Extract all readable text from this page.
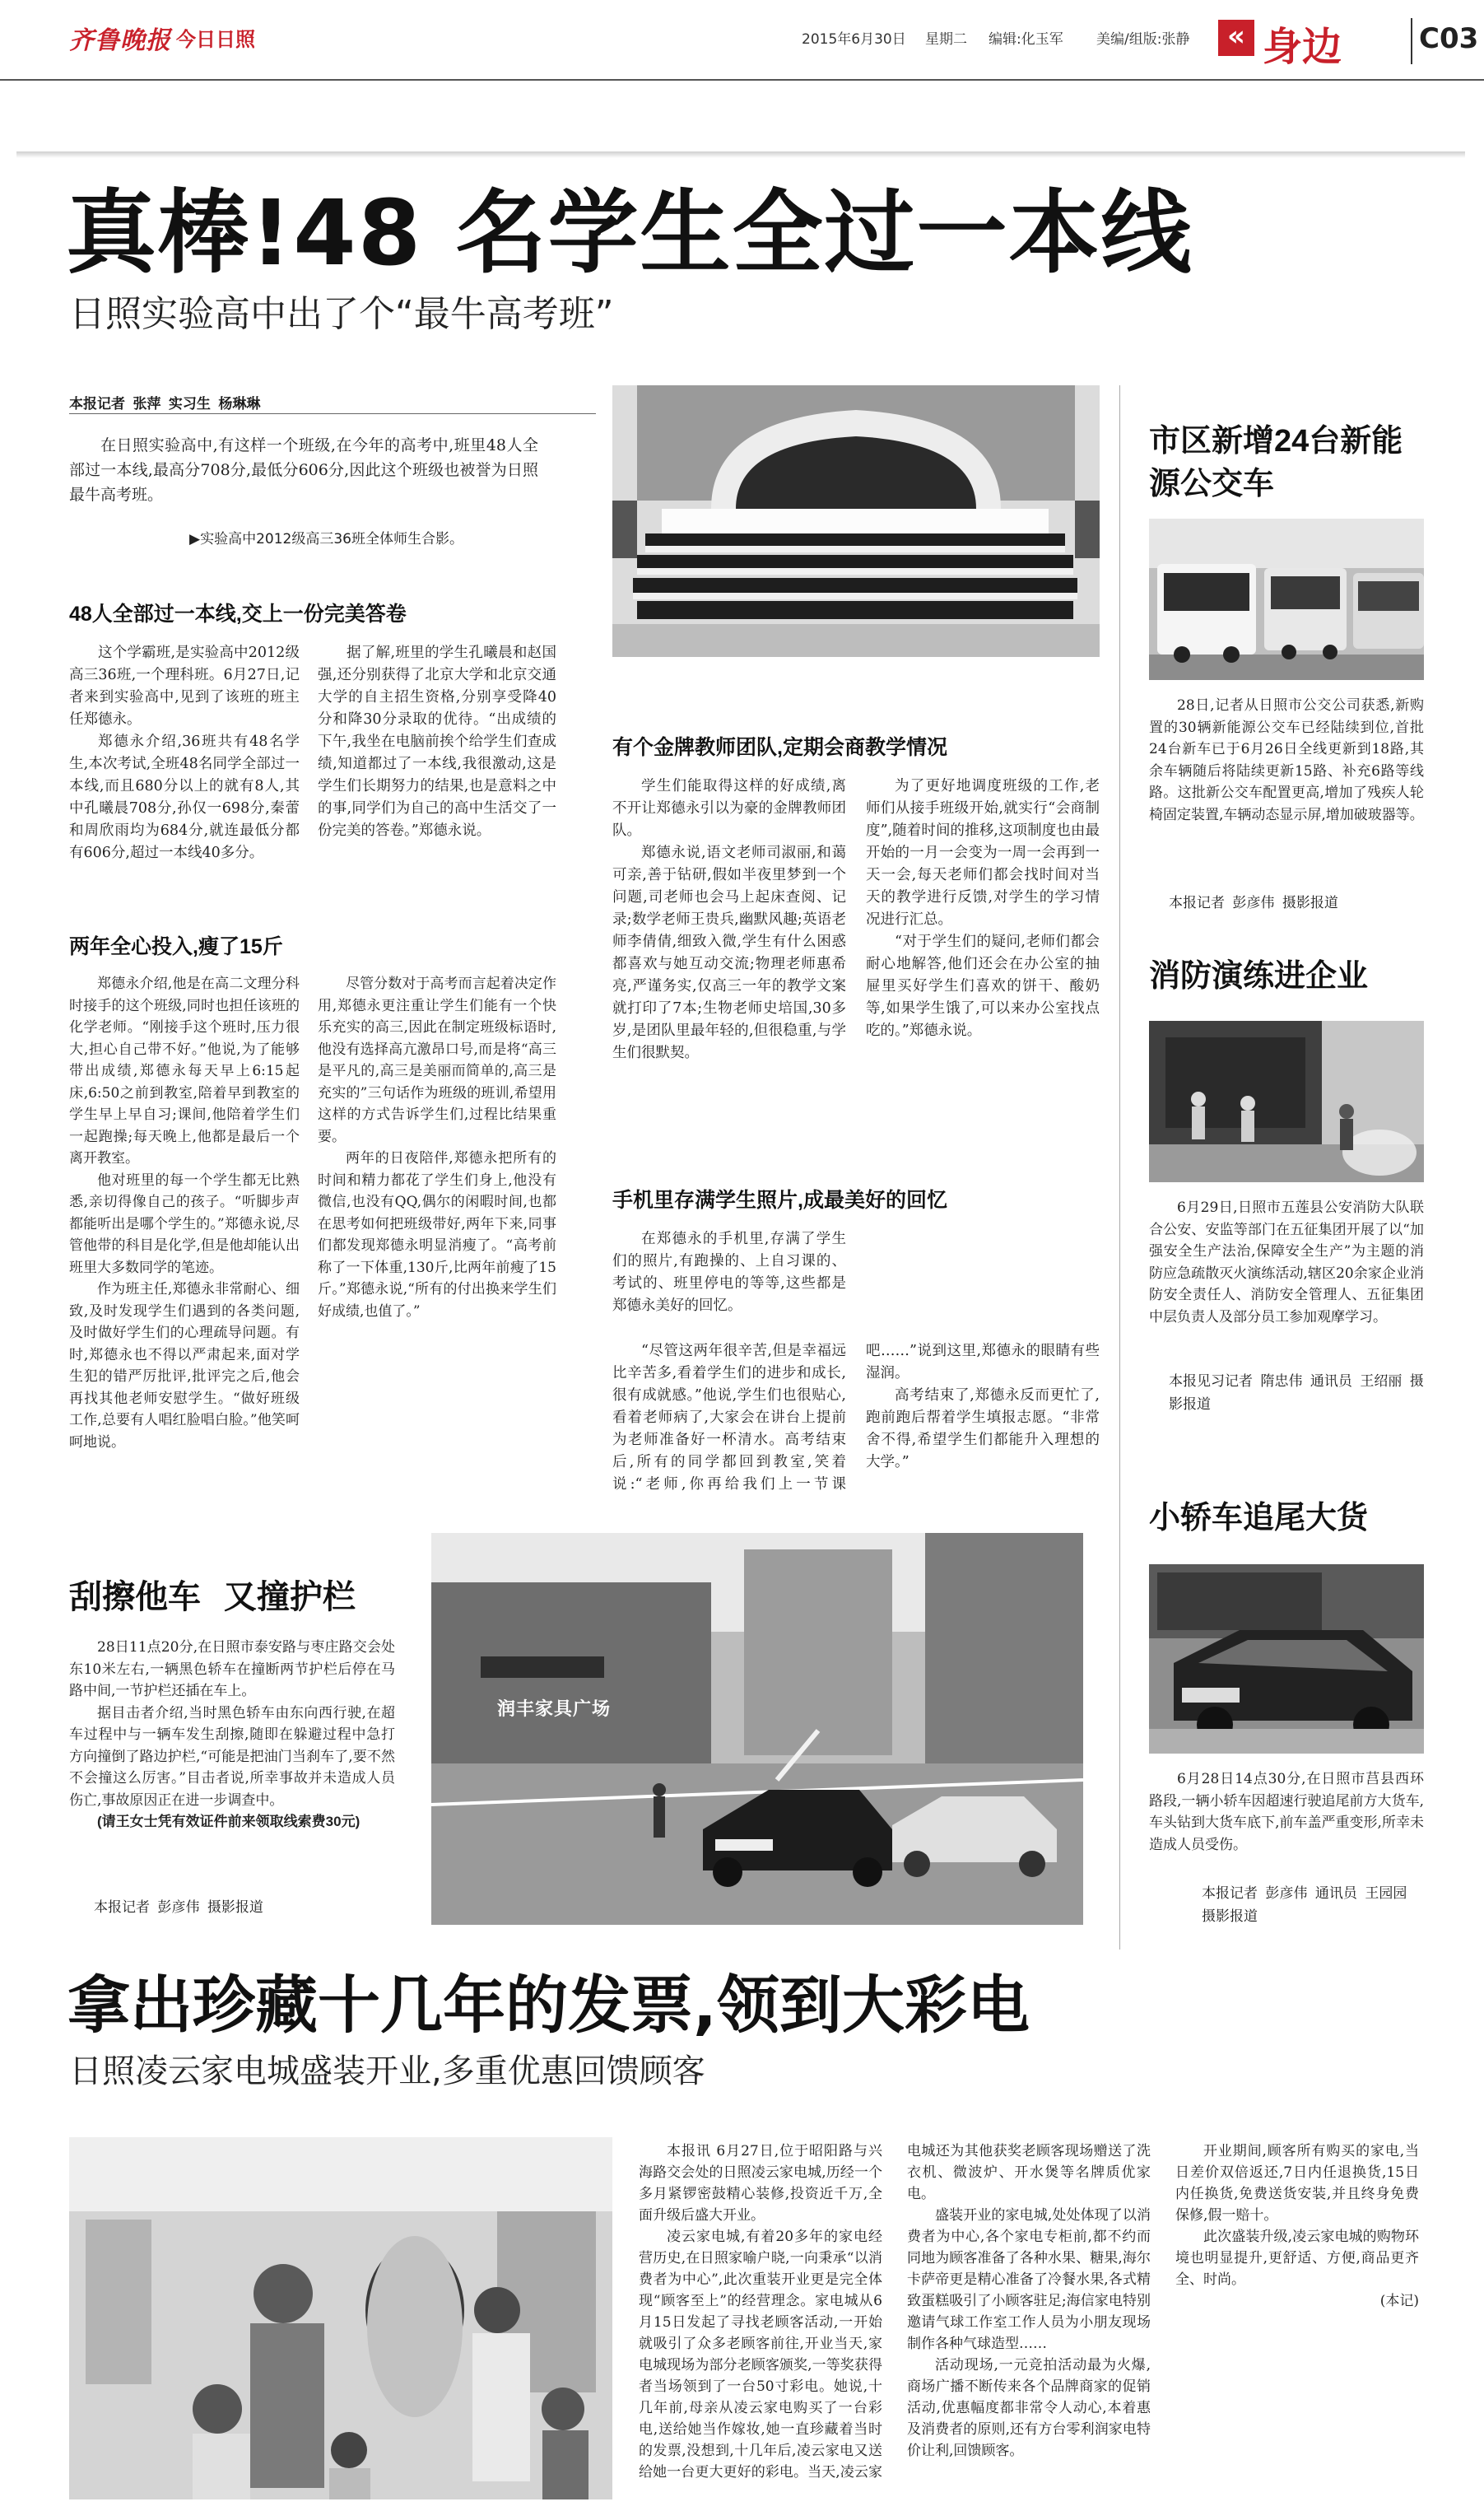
齐鲁晚报 今日日照	2015年6月30日 星期二 编辑:化玉军 美编/组版:张静	« 身边	C03
真棒!48 名学生全过一本线
日照实验高中出了个“最牛高考班”
本报记者  张萍  实习生  杨琳琳

在日照实验高中,有这样一个班级,在今年的高考中,班里48人全部过一本线,最高分708分,最低分606分,因此这个班级也被誉为日照最牛高考班。

▶实验高中2012级高三36班全体师生合影。
48人全部过一本线,交上一份完美答卷

这个学霸班,是实验高中2012级高三36班,一个理科班。6月27日,记者来到实验高中,见到了该班的班主任郑德永。

郑德永介绍,36班共有48名学生,本次考试,全班48名同学全部过一本线,而且680分以上的就有8人,其中孔曦晨708分,孙仅一698分,秦蕾和周欣雨均为684分,就连最低分都有606分,超过一本线40多分。

据了解,班里的学生孔曦晨和赵国强,还分别获得了北京大学和北京交通大学的自主招生资格,分别享受降40分和降30分录取的优待。“出成绩的下午,我坐在电脑前挨个给学生们查成绩,知道都过了一本线,我很激动,这是学生们长期努力的结果,也是意料之中的事,同学们为自己的高中生活交了一份完美的答卷。”郑德永说。

两年全心投入,瘦了15斤

郑德永介绍,他是在高二文理分科时接手的这个班级,同时也担任该班的化学老师。“刚接手这个班时,压力很大,担心自己带不好。”他说,为了能够带出成绩,郑德永每天早上6:15起床,6:50之前到教室,陪着早到教室的学生早上早自习;课间,他陪着学生们一起跑操;每天晚上,他都是最后一个离开教室。

他对班里的每一个学生都无比熟悉,亲切得像自己的孩子。“听脚步声都能听出是哪个学生的。”郑德永说,尽管他带的科目是化学,但是他却能认出班里大多数同学的笔迹。

作为班主任,郑德永非常耐心、细致,及时发现学生们遇到的各类问题,及时做好学生们的心理疏导问题。有时,郑德永也不得以严肃起来,面对学生犯的错严厉批评,批评完之后,他会再找其他老师安慰学生。“做好班级工作,总要有人唱红脸唱白脸。”他笑呵呵地说。

尽管分数对于高考而言起着决定作用,郑德永更注重让学生们能有一个快乐充实的高三,因此在制定班级标语时,他没有选择高亢激昂口号,而是将“高三是平凡的,高三是美丽而简单的,高三是充实的”三句话作为班级的班训,希望用这样的方式告诉学生们,过程比结果重要。

两年的日夜陪伴,郑德永把所有的时间和精力都花了学生们身上,他没有微信,也没有QQ,偶尔的闲暇时间,也都在思考如何把班级带好,两年下来,同事们都发现郑德永明显消瘦了。“高考前称了一下体重,130斤,比两年前瘦了15斤。”郑德永说,“所有的付出换来学生们好成绩,也值了。”

有个金牌教师团队,定期会商教学情况

学生们能取得这样的好成绩,离不开让郑德永引以为豪的金牌教师团队。

郑德永说,语文老师司淑丽,和蔼可亲,善于钻研,假如半夜里梦到一个问题,司老师也会马上起床查阅、记录;数学老师王贵兵,幽默风趣;英语老师李倩倩,细致入微,学生有什么困惑都喜欢与她互动交流;物理老师惠希亮,严谨务实,仅高三一年的教学文案就打印了7本;生物老师史培国,30多岁,是团队里最年轻的,但很稳重,与学生们很默契。

为了更好地调度班级的工作,老师们从接手班级开始,就实行“会商制度”,随着时间的推移,这项制度也由最开始的一月一会变为一周一会再到一天一会,每天老师们都会找时间对当天的教学进行反馈,对学生的学习情况进行汇总。

“对于学生们的疑问,老师们都会耐心地解答,他们还会在办公室的抽屉里买好学生们喜欢的饼干、酸奶等,如果学生饿了,可以来办公室找点吃的。”郑德永说。

手机里存满学生照片,成最美好的回忆

在郑德永的手机里,存满了学生们的照片,有跑操的、上自习课的、考试的、班里停电的等等,这些都是郑德永美好的回忆。

“尽管这两年很辛苦,但是幸福远比辛苦多,看着学生们的进步和成长,很有成就感。”他说,学生们也很贴心,看着老师病了,大家会在讲台上提前为老师准备好一杯清水。高考结束后,所有的同学都回到教室,笑着说:“老师,你再给我们上一节课吧……”说到这里,郑德永的眼睛有些湿润。

高考结束了,郑德永反而更忙了,跑前跑后帮着学生填报志愿。“非常舍不得,希望学生们都能升入理想的大学。”

市区新增24台新能源公交车

28日,记者从日照市公交公司获悉,新购置的30辆新能源公交车已经陆续到位,首批24台新车已于6月26日全线更新到18路,其余车辆随后将陆续更新15路、补充6路等线路。这批新公交车配置更高,增加了残疾人轮椅固定装置,车辆动态显示屏,增加破玻器等。

本报记者  彭彦伟  摄影报道
消防演练进企业

6月29日,日照市五莲县公安消防大队联合公安、安监等部门在五征集团开展了以“加强安全生产法治,保障安全生产”为主题的消防应急疏散灭火演练活动,辖区20余家企业消防安全责任人、消防安全管理人、五征集团中层负责人及部分员工参加观摩学习。

本报见习记者  隋忠伟  通讯员  王绍丽  摄影报道
小轿车追尾大货

6月28日14点30分,在日照市莒县西环路段,一辆小轿车因超速行驶追尾前方大货车,车头钻到大货车底下,前车盖严重变形,所幸未造成人员受伤。

本报记者  彭彦伟  通讯员  王园园  摄影报道
刮擦他车  又撞护栏

28日11点20分,在日照市泰安路与枣庄路交会处东10米左右,一辆黑色轿车在撞断两节护栏后停在马路中间,一节护栏还插在车上。

据目击者介绍,当时黑色轿车由东向西行驶,在超车过程中与一辆车发生刮擦,随即在躲避过程中急打方向撞倒了路边护栏,“可能是把油门当刹车了,要不然不会撞这么厉害。”目击者说,所幸事故并未造成人员伤亡,事故原因正在进一步调查中。

(请王女士凭有效证件前来领取线索费30元)

本报记者  彭彦伟  摄影报道
润丰家具广场
拿出珍藏十几年的发票,领到大彩电
日照凌云家电城盛装开业,多重优惠回馈顾客

本报讯 6月27日,位于昭阳路与兴海路交会处的日照凌云家电城,历经一个多月紧锣密鼓精心装修,投资近千万,全面升级后盛大开业。

凌云家电城,有着20多年的家电经营历史,在日照家喻户晓,一向秉承“以消费者为中心”,此次重装开业更是完全体现“顾客至上”的经营理念。家电城从6月15日发起了寻找老顾客活动,一开始就吸引了众多老顾客前往,开业当天,家电城现场为部分老顾客颁奖,一等奖获得者当场领到了一台50寸彩电。她说,十几年前,母亲从凌云家电购买了一台彩电,送给她当作嫁妆,她一直珍藏着当时的发票,没想到,十几年后,凌云家电又送给她一台更大更好的彩电。当天,凌云家电城还为其他获奖老顾客现场赠送了洗衣机、微波炉、开水煲等名牌质优家电。

盛装开业的家电城,处处体现了以消费者为中心,各个家电专柜前,都不约而同地为顾客准备了各种水果、糖果,海尔卡萨帝更是精心准备了冷餐水果,各式精致蛋糕吸引了小顾客驻足;海信家电特别邀请气球工作室工作人员为小朋友现场制作各种气球造型……

活动现场,一元竞拍活动最为火爆,商场广播不断传来各个品牌商家的促销活动,优惠幅度都非常令人动心,本着惠及消费者的原则,还有方台零利润家电特价让利,回馈顾客。

开业期间,顾客所有购买的家电,当日差价双倍返还,7日内任退换货,15日内任换货,免费送货安装,并且终身免费保修,假一赔十。

此次盛装升级,凌云家电城的购物环境也明显提升,更舒适、方便,商品更齐全、时尚。

(本记)
